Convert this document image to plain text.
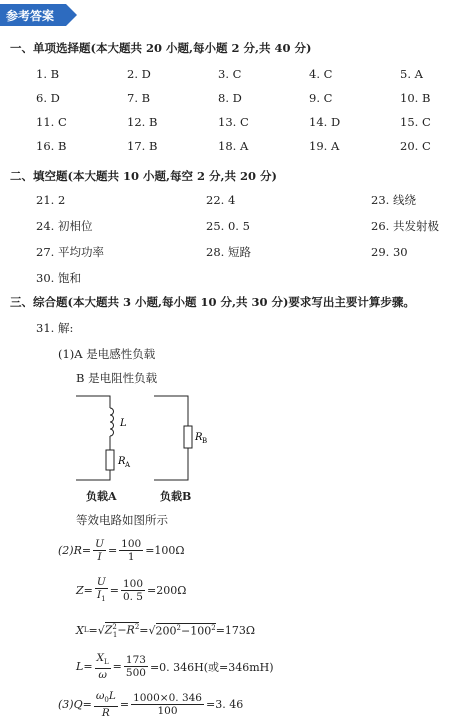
参考答案
一、单项选择题(本大题共 20 小题,每小题 2 分,共 40 分)
1. B	2. D	3. C	4. C	5. A
6. D	7. B	8. D	9. C	10. B
11. C	12. B	13. C	14. D	15. C
16. B	17. B	18. A	19. A	20. C
二、填空题(本大题共 10 小题,每空 2 分,共 20 分)
21. 2	22. 4	23. 线绕
24. 初相位	25. 0. 5	26. 共发射极
27. 平均功率	28. 短路	29. 30
30. 饱和
三、综合题(本大题共 3 小题,每小题 10 分,共 30 分)要求写出主要计算步骤。
31. 解:
(1)A 是电感性负载
B 是电阻性负载
L
R A
R B
负载A	负载B
等效电路如图所示
$(2)R = \frac{U}{I} = \frac{100}{1} =100\Omega$
$Z = \frac{U}{I_1} = \frac{100}{0. 5} =200\Omega$
X L =√ $Z^2_1-R^2$ =√ $200^2-100^2 =173\Omega$
$L = \frac{X_L}{\omega} = \frac{173}{500} =0$. 346H(或=346mH)
$(3)Q = \frac{\omega_0L}{R} = \frac{1000\times 0. 346}{100} =3$. 46
